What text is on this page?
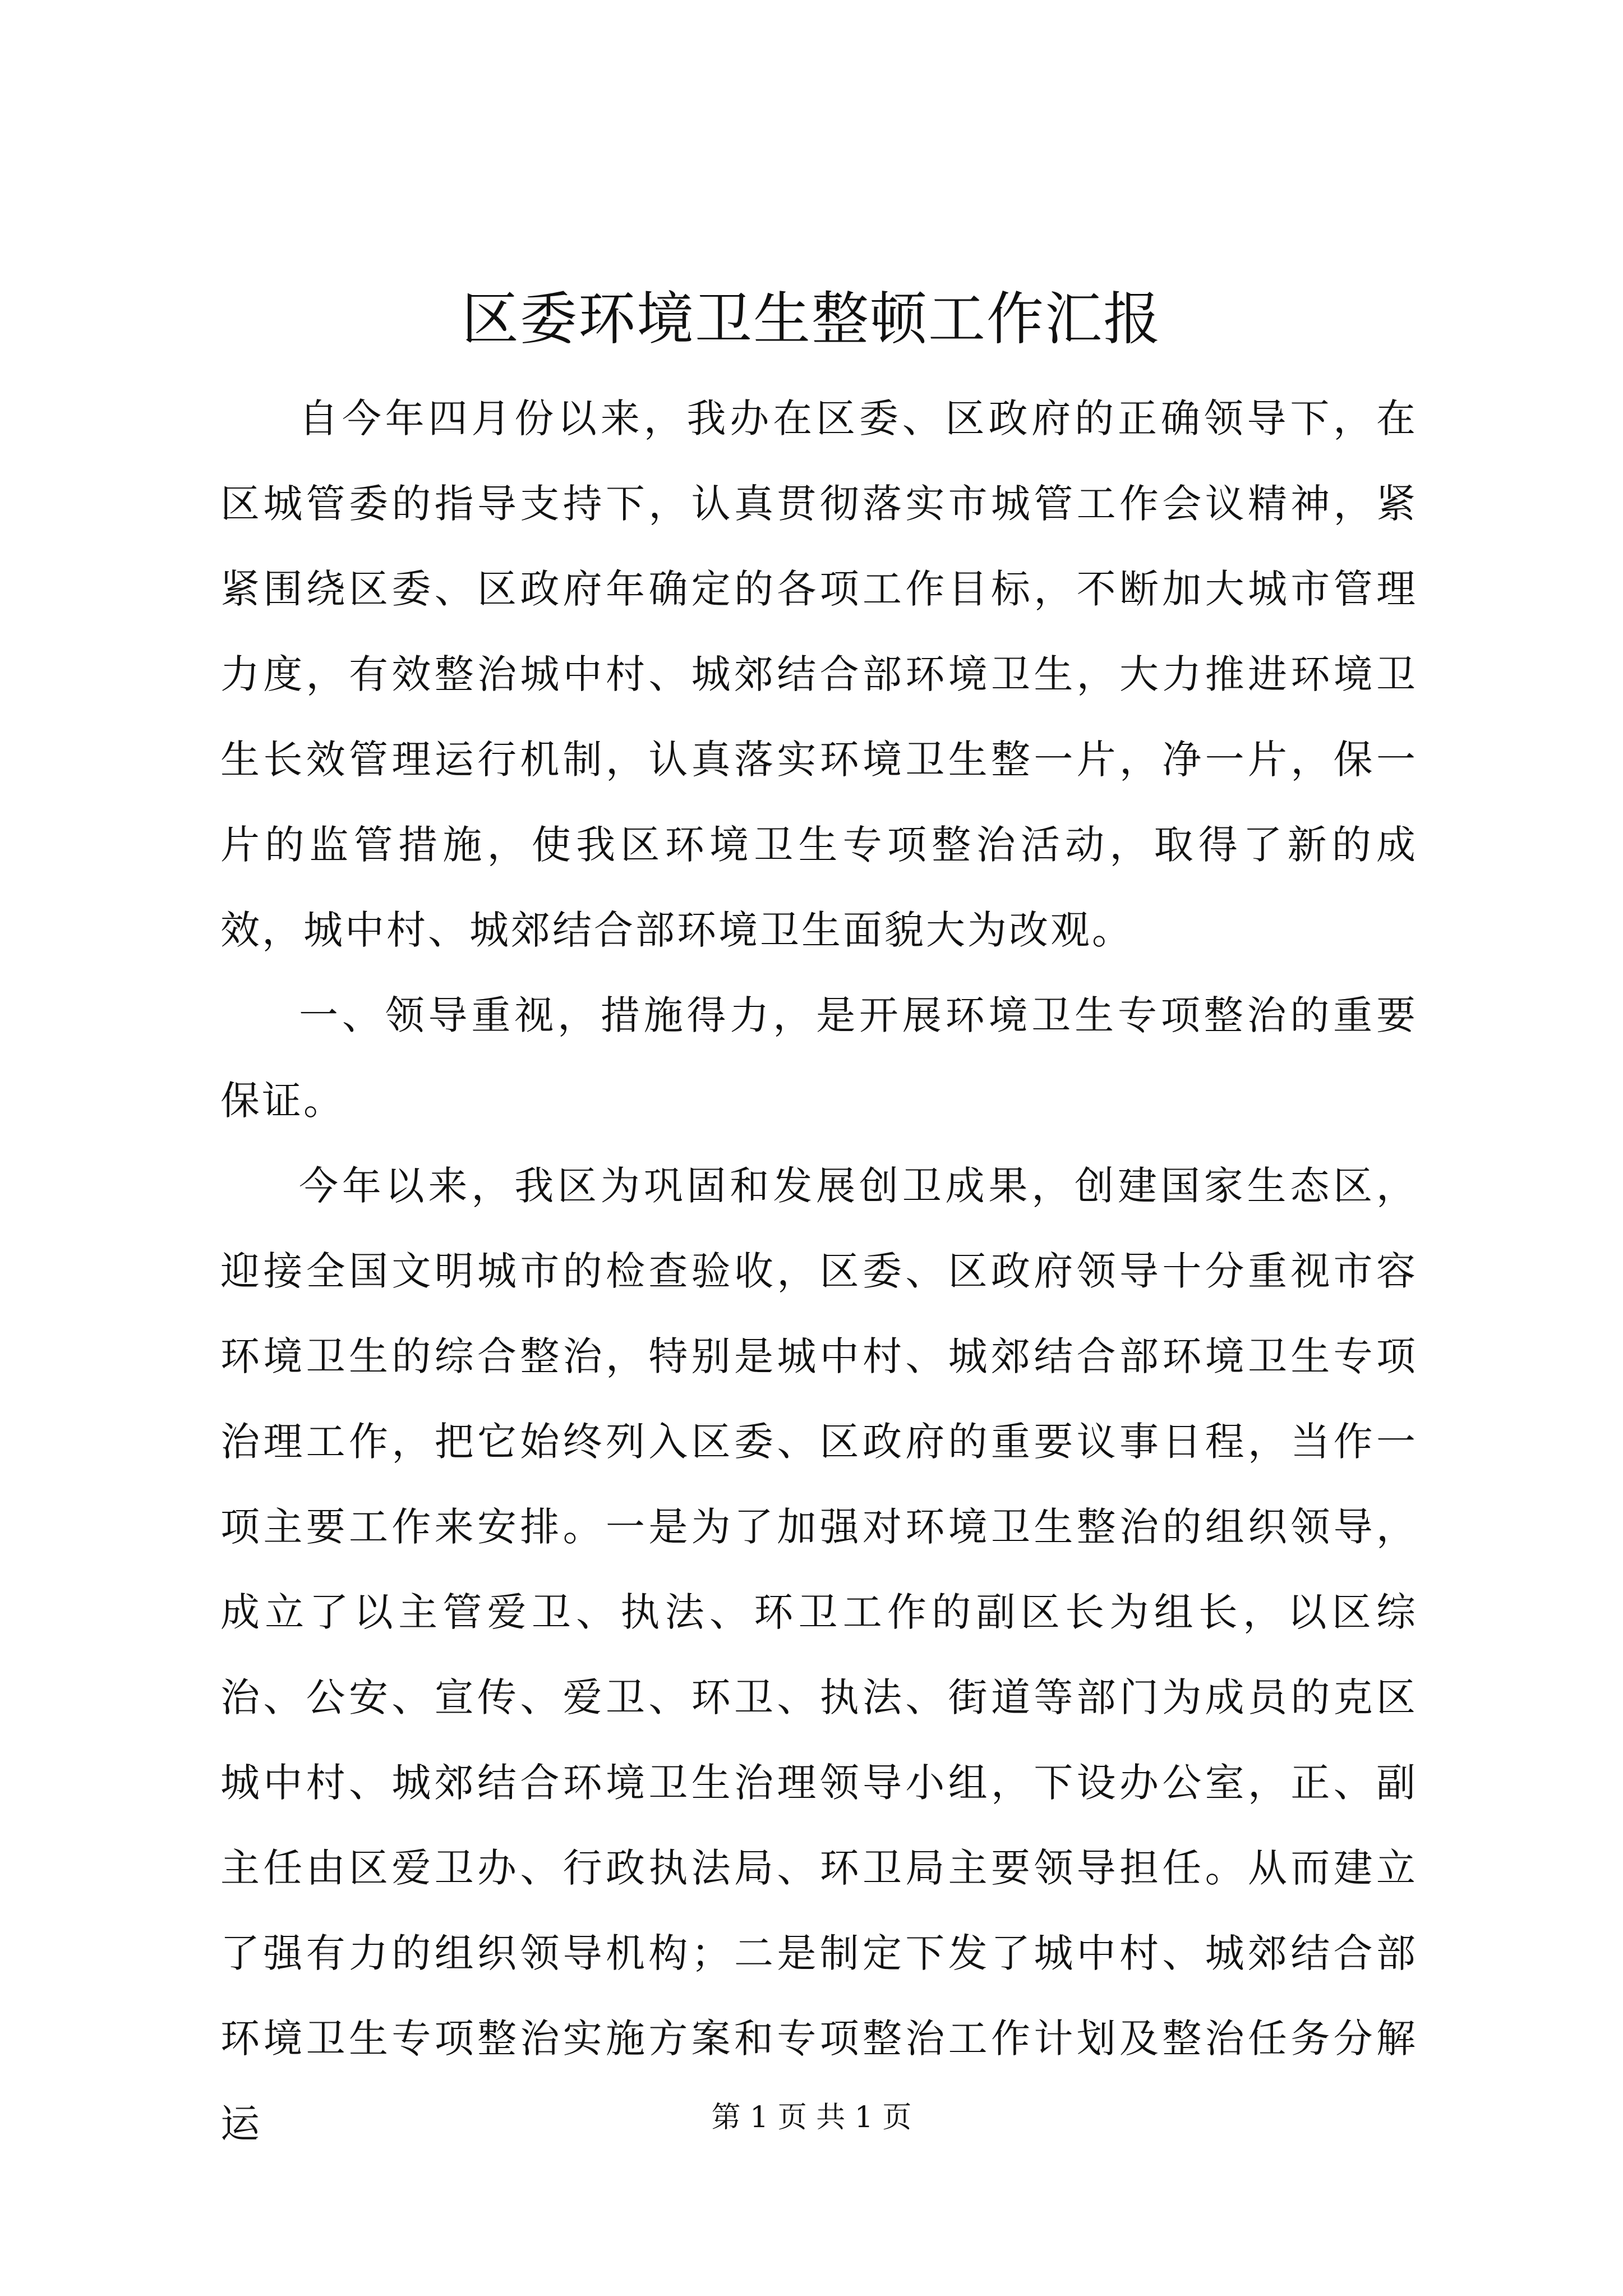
区委环境卫生整顿工作汇报

自今年四月份以来，我办在区委、区政府的正确领导下，在区城管委的指导支持下，认真贯彻落实市城管工作会议精神，紧紧围绕区委、区政府年确定的各项工作目标，不断加大城市管理力度，有效整治城中村、城郊结合部环境卫生，大力推进环境卫生长效管理运行机制，认真落实环境卫生整一片，净一片，保一片的监管措施，使我区环境卫生专项整治活动，取得了新的成效，城中村、城郊结合部环境卫生面貌大为改观。

一、领导重视，措施得力，是开展环境卫生专项整治的重要保证。

今年以来，我区为巩固和发展创卫成果，创建国家生态区，迎接全国文明城市的检查验收，区委、区政府领导十分重视市容环境卫生的综合整治，特别是城中村、城郊结合部环境卫生专项治理工作，把它始终列入区委、区政府的重要议事日程，当作一项主要工作来安排。一是为了加强对环境卫生整治的组织领导，成立了以主管爱卫、执法、环卫工作的副区长为组长，以区综治、公安、宣传、爱卫、环卫、执法、街道等部门为成员的克区城中村、城郊结合环境卫生治理领导小组，下设办公室，正、副主任由区爱卫办、行政执法局、环卫局主要领导担任。从而建立了强有力的组织领导机构；二是制定下发了城中村、城郊结合部环境卫生专项整治实施方案和专项整治工作计划及整治任务分解运	第 1 页 共 1 页
